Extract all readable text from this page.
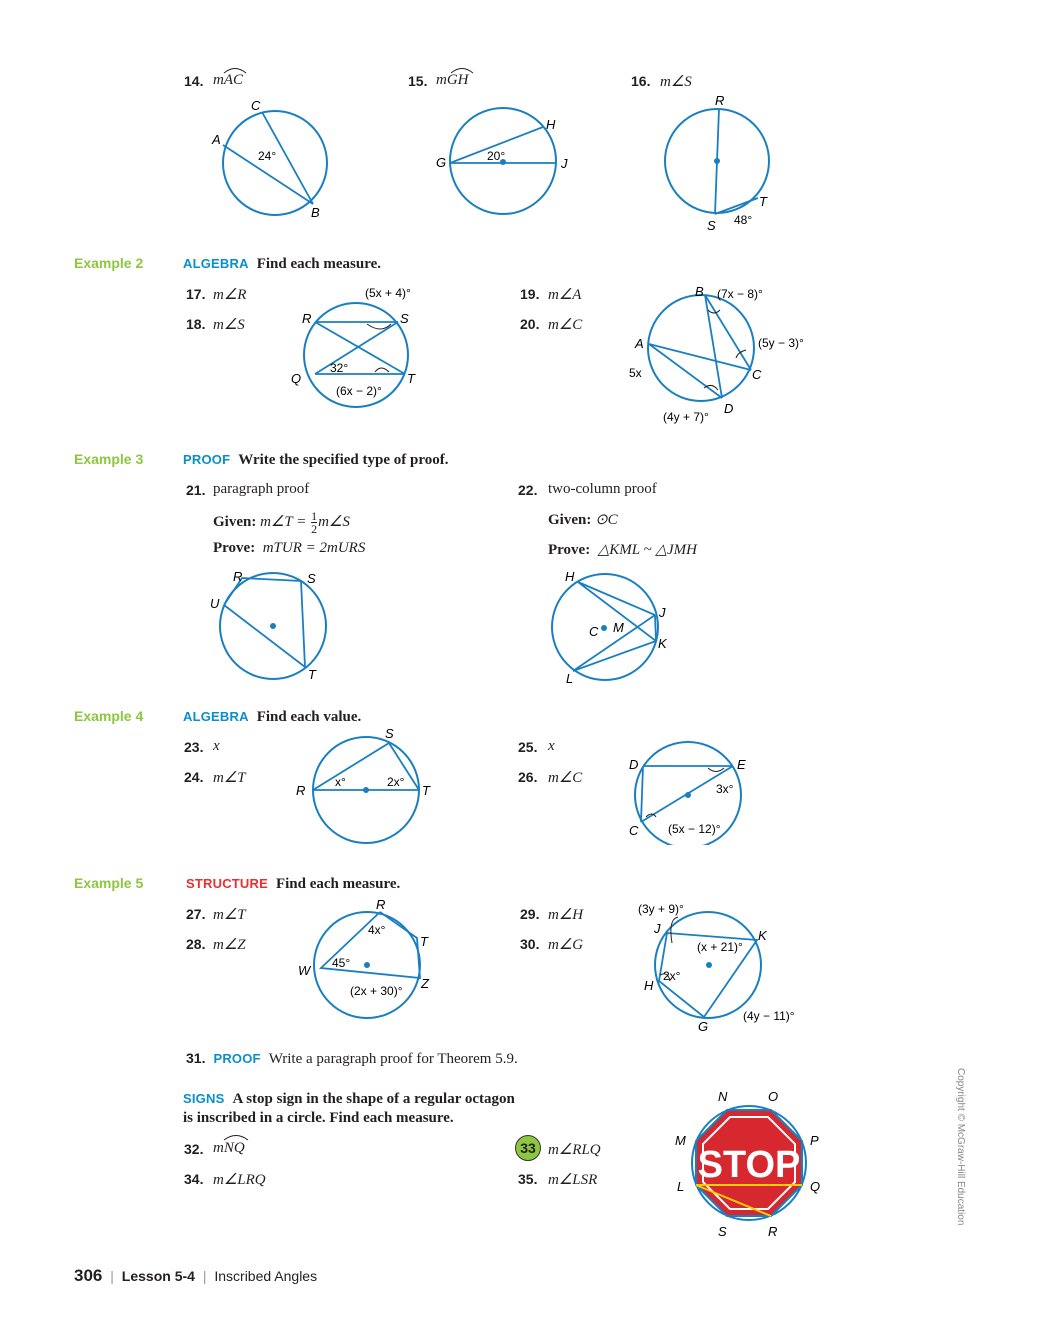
14. mAC	15. mGH	16. m∠S
A
C
B
24°	G
H
J
20°
R
S
T
48°
Example 2	ALGEBRA Find each measure.
17. m∠R
18. m∠S
19. m∠A
20. m∠C
R	S
Q	T
(5x + 4)°
32°
(6x − 2)°
B
A
C
D
(7x − 8)°
(5y − 3)°
5x
(4y + 7)°
Example 3	PROOF Write the specified type of proof.
21. paragraph proof
Given: m∠T = $\frac{1}{2}m\angle S$
Prove: mTUR = 2mURS
22. two-column proof
Given: ⊙C
Prove: △KML ~ △JMH
R	S
U
T
H
J
C M
K
L
Example 4	ALGEBRA Find each value.
23. x
24. m∠T
25. x
26. m∠C
S
R	T
x°	2x°
D	E
C
3x°
(5x − 12)°
Example 5	STRUCTURE Find each measure.
27. m∠T
28. m∠Z
29. m∠H
30. m∠G
R
T
W
Z
4x°
45°
(2x + 30)°
J	K
H
G
(3y + 9)°
(x + 21)°
2x°
(4y − 11)°
31. PROOF Write a paragraph proof for Theorem 5.9.
SIGNS A stop sign in the shape of a regular octagon
is inscribed in a circle. Find each measure.
32. mNQ
34. m∠LRQ
33 m∠RLQ
35. m∠LSR	STOP
N	O
M	P
L	Q
S	R
Copyright © McGraw-Hill Education
306  |  Lesson 5-4  |  Inscribed Angles
